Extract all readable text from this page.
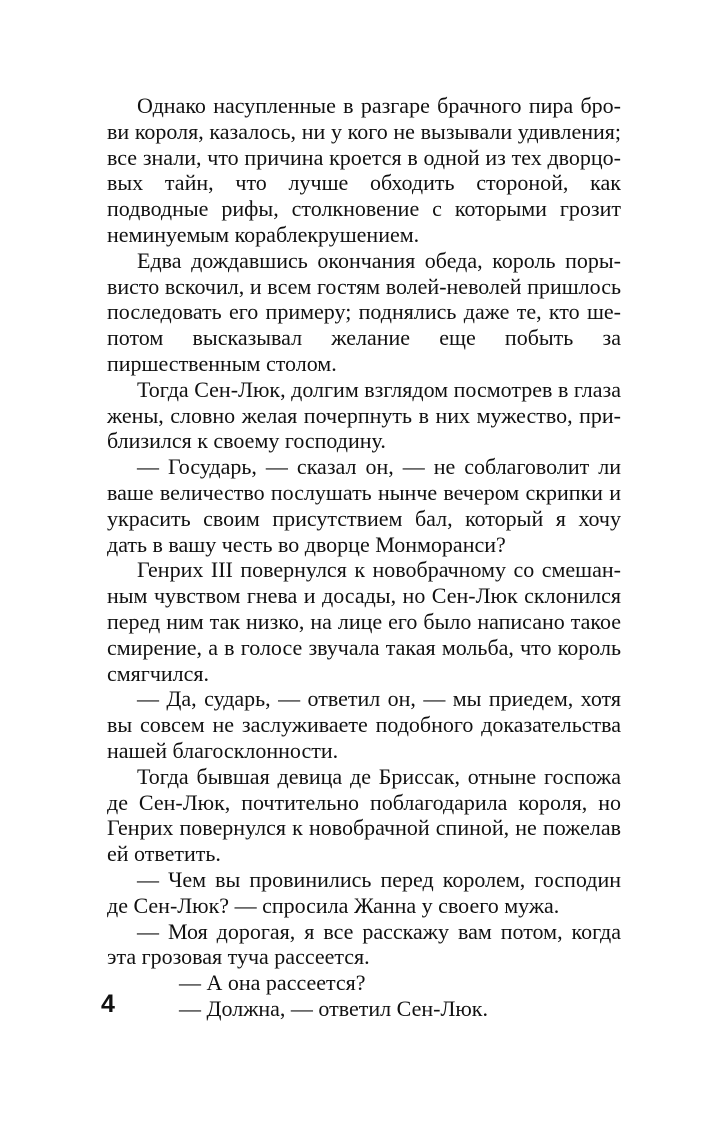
Однако насупленные в разгаре брачного пира брови короля, казалось, ни у кого не вызывали удивления; все знали, что причина кроется в одной из тех дворцовых тайн, что лучше обходить стороной, как подводные рифы, столкновение с которыми грозит неминуемым кораблекрушением.

Едва дождавшись окончания обеда, король порывисто вскочил, и всем гостям волей-неволей пришлось последовать его примеру; поднялись даже те, кто шепотом высказывал желание еще побыть за пиршественным столом.

Тогда Сен-Люк, долгим взглядом посмотрев в глаза жены, словно желая почерпнуть в них мужество, приблизился к своему господину.

— Государь, — сказал он, — не соблаговолит ли ваше величество послушать нынче вечером скрипки и украсить своим присутствием бал, который я хочу дать в вашу честь во дворце Монморанси?

Генрих III повернулся к новобрачному со смешанным чувством гнева и досады, но Сен-Люк склонился перед ним так низко, на лице его было написано такое смирение, а в голосе звучала такая мольба, что король смягчился.

— Да, сударь, — ответил он, — мы приедем, хотя вы совсем не заслуживаете подобного доказательства нашей благосклонности.

Тогда бывшая девица де Бриссак, отныне госпожа де Сен-Люк, почтительно поблагодарила короля, но Генрих повернулся к новобрачной спиной, не пожелав ей ответить.

— Чем вы провинились перед королем, господин де Сен-Люк? — спросила Жанна у своего мужа.

— Моя дорогая, я все расскажу вам потом, когда эта грозовая туча рассеется.

— А она рассеется?

— Должна, — ответил Сен-Люк.

4
